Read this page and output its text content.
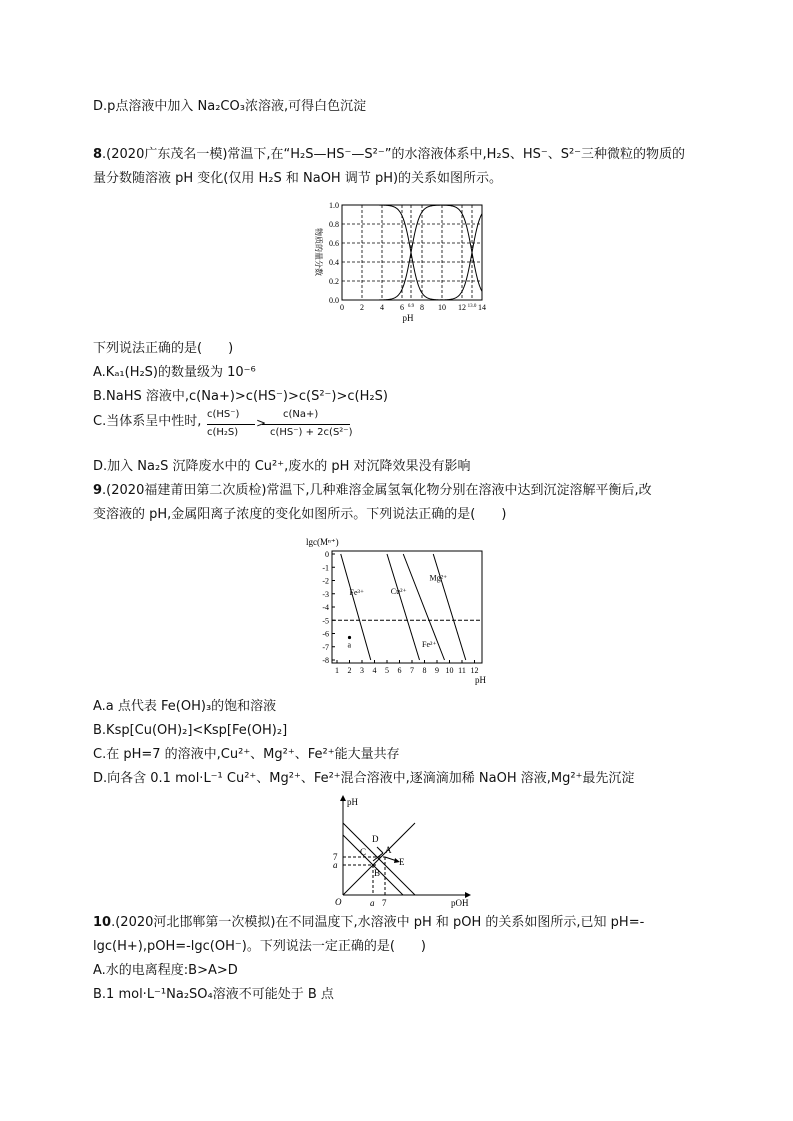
D.p点溶液中加入 Na₂CO₃浓溶液,可得白色沉淀
8.(2020广东茂名一模)常温下,在“H₂S—HS⁻—S²⁻”的水溶液体系中,H₂S、HS⁻、S²⁻三种微粒的物质的
量分数随溶液 pH 变化(仅用 H₂S 和 NaOH 调节 pH)的关系如图所示。
0.0
0.2
0.4
0.6
0.8
1.0
0 2 4 6 6.9 8 10 12 13.0 14
pH
物质的量分数
下列说法正确的是(　　)
A.Kₐ₁(H₂S)的数量级为 10⁻⁶
B.NaHS 溶液中,c(Na+)>c(HS⁻)>c(S²⁻)>c(H₂S)
C.当体系呈中性时, c(HS⁻)
c(H₂S)
>
c(Na+)
c(HS⁻) + 2c(S²⁻)
D.加入 Na₂S 沉降废水中的 Cu²⁺,废水的 pH 对沉降效果没有影响
9.(2020福建莆田第二次质检)常温下,几种难溶金属氢氧化物分别在溶液中达到沉淀溶解平衡后,改
变溶液的 pH,金属阳离子浓度的变化如图所示。下列说法正确的是(　　)
0
-1
-2
-3
-4
-5
-6
-7
-8
1 2 3 4 5 6 7 8 9 10 11 12
Fe³⁺	Cu²⁺
Fe²⁺
Mg²⁺
a
lgc(Mⁿ⁺)
pH
A.a 点代表 Fe(OH)₃的饱和溶液
B.Ksp[Cu(OH)₂]<Ksp[Fe(OH)₂]
C.在 pH=7 的溶液中,Cu²⁺、Mg²⁺、Fe²⁺能大量共存
D.向各含 0.1 mol·L⁻¹ Cu²⁺、Mg²⁺、Fe²⁺混合溶液中,逐滴滴加稀 NaOH 溶液,Mg²⁺最先沉淀
pH
pOH
O	a 7
7
a
A
B
C
D
E
10.(2020河北邯郸第一次模拟)在不同温度下,水溶液中 pH 和 pOH 的关系如图所示,已知 pH=-
lgc(H+),pOH=-lgc(OH⁻)。下列说法一定正确的是(　　)
A.水的电离程度:B>A>D
B.1 mol·L⁻¹Na₂SO₄溶液不可能处于 B 点
